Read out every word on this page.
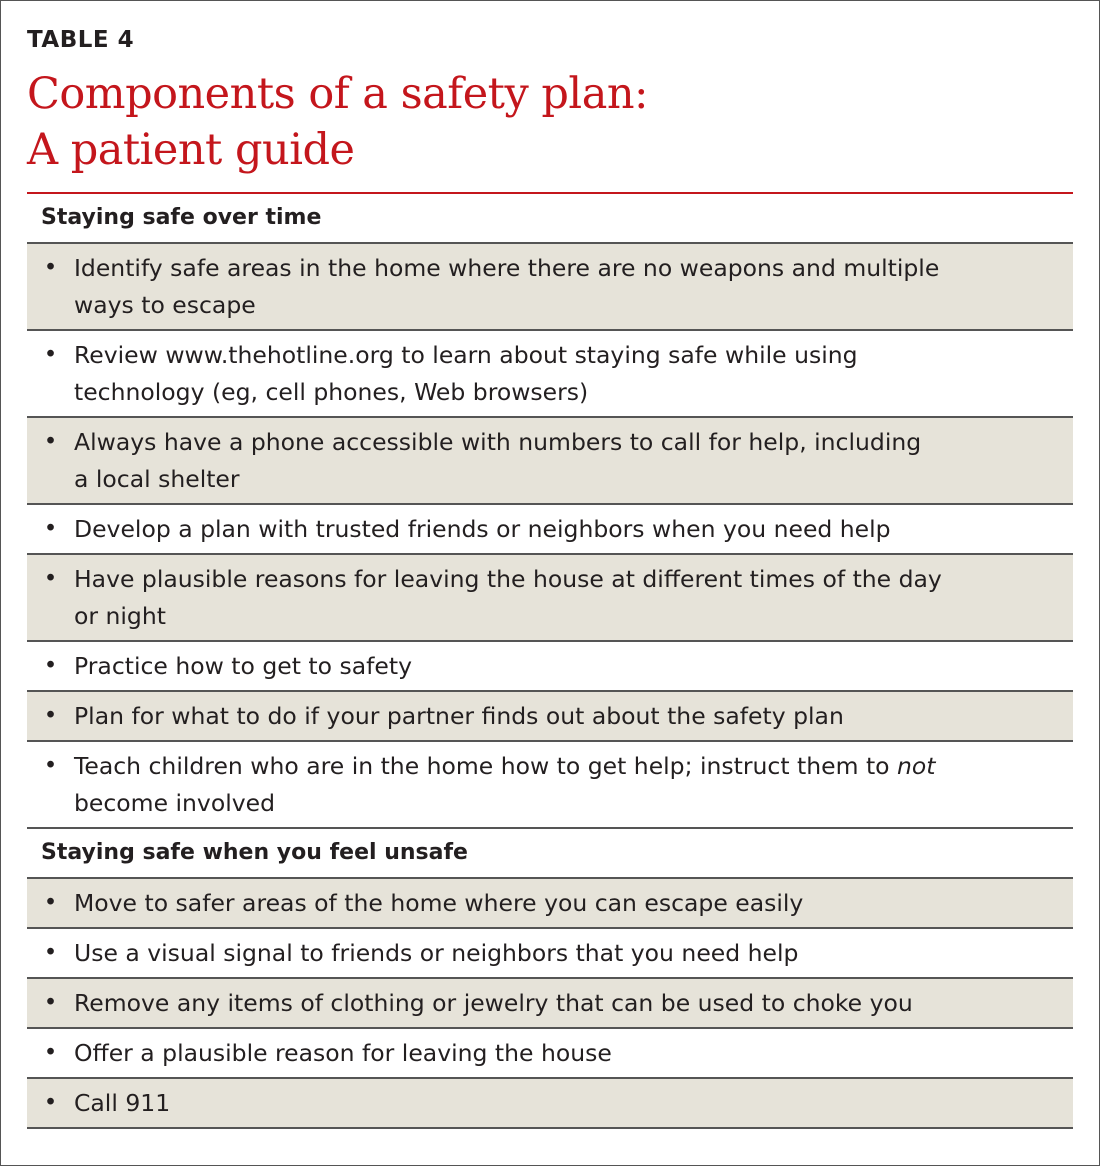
TABLE 4
Components of a safety plan:
A patient guide
Staying safe over time
• Identify safe areas in the home where there are no weapons and multiple
ways to escape
• Review www.thehotline.org to learn about staying safe while using
technology (eg, cell phones, Web browsers)
• Always have a phone accessible with numbers to call for help, including
a local shelter
• Develop a plan with trusted friends or neighbors when you need help
• Have plausible reasons for leaving the house at different times of the day
or night
• Practice how to get to safety
• Plan for what to do if your partner finds out about the safety plan
• Teach children who are in the home how to get help; instruct them to not
become involved
Staying safe when you feel unsafe
• Move to safer areas of the home where you can escape easily
• Use a visual signal to friends or neighbors that you need help
• Remove any items of clothing or jewelry that can be used to choke you
• Offer a plausible reason for leaving the house
• Call 911
